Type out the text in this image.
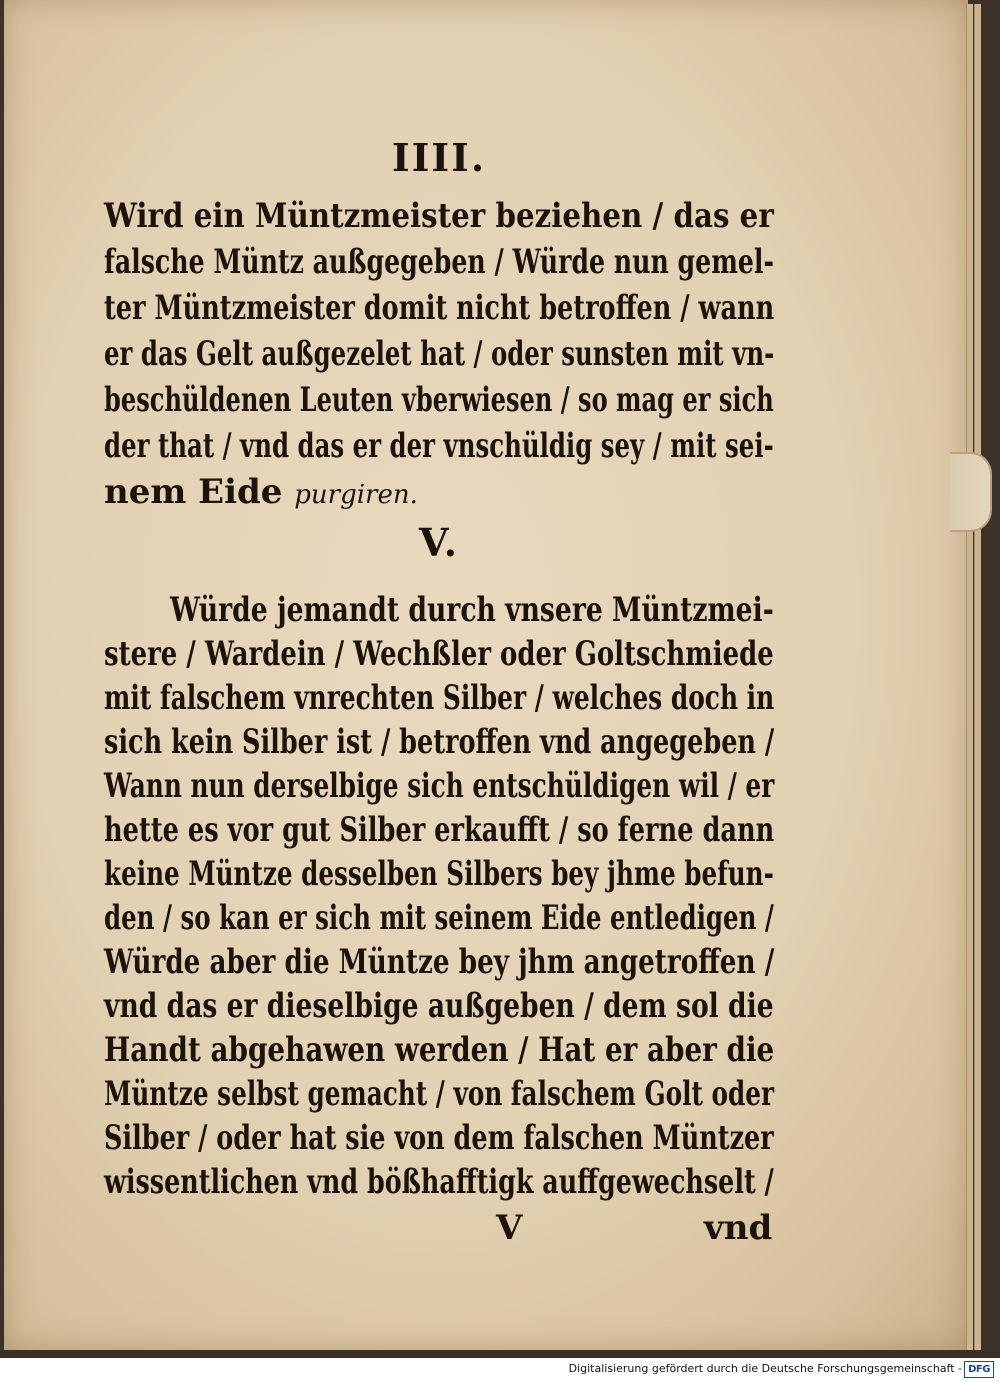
IIII.
Wird ein Müntzmeister beziehen / das er
falsche Müntz außgegeben / Würde nun gemel-
ter Müntzmeister domit nicht betroffen / wann
er das Gelt außgezelet hat / oder sunsten mit vn-
beschüldenen Leuten vberwiesen / so mag er sich
der that / vnd das er der vnschüldig sey / mit sei-
nem Eide purgiren.
V.
Würde jemandt durch vnsere Müntzmei-
stere / Wardein / Wechßler oder Goltschmiede
mit falschem vnrechten Silber / welches doch in
sich kein Silber ist / betroffen vnd angegeben /
Wann nun derselbige sich entschüldigen wil / er
hette es vor gut Silber erkaufft / so ferne dann
keine Müntze desselben Silbers bey jhme befun-
den / so kan er sich mit seinem Eide entledigen /
Würde aber die Müntze bey jhm angetroffen /
vnd das er dieselbige außgeben / dem sol die
Handt abgehawen werden / Hat er aber die
Müntze selbst gemacht / von falschem Golt oder
Silber / oder hat sie von dem falschen Müntzer
wissentlichen vnd bößhafftigk auffgewechselt /
V	vnd
Digitalisierung gefördert durch die Deutsche Forschungsgemeinschaft - DFG
